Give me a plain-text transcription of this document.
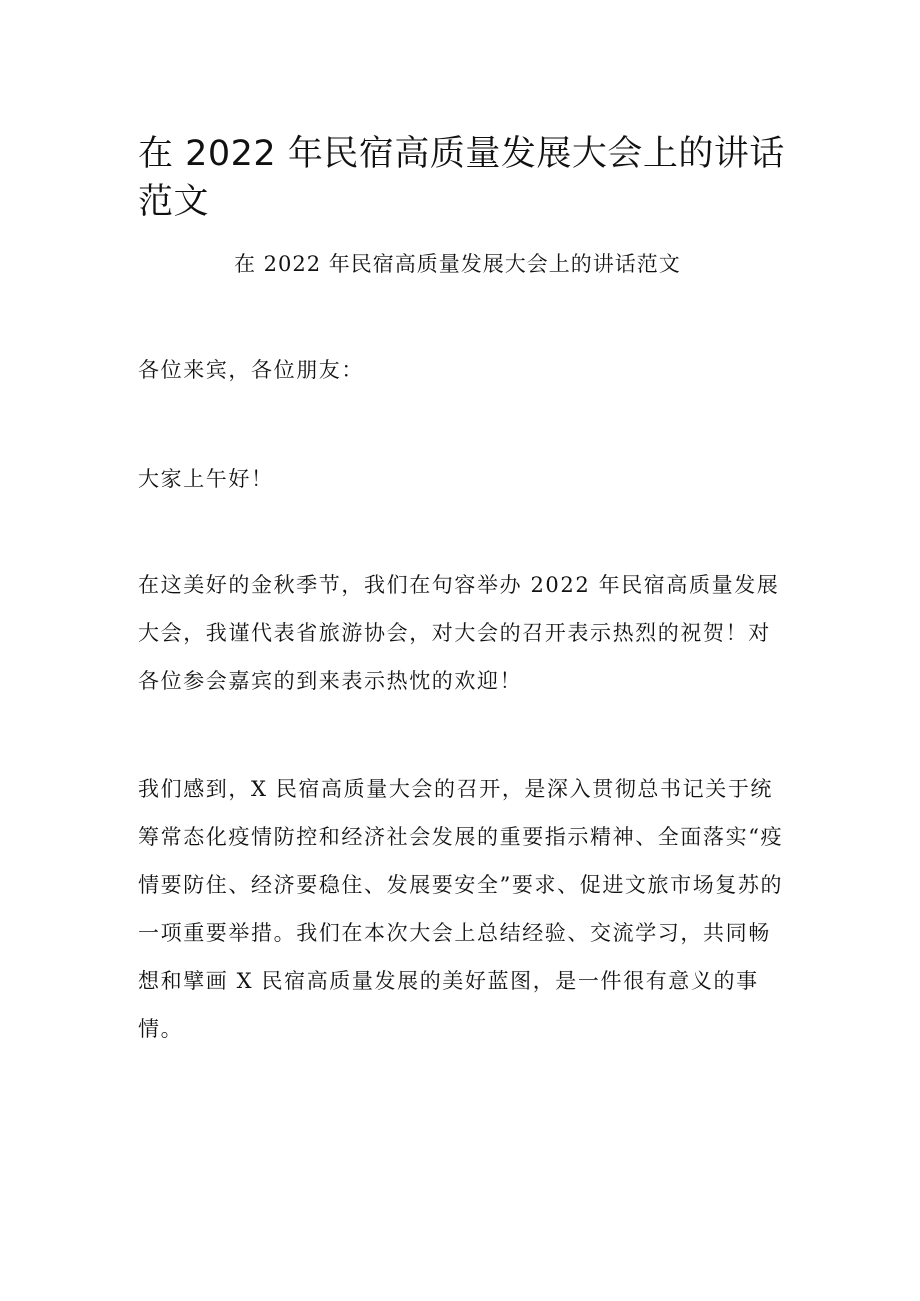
在 2022 年民宿高质量发展大会上的讲话范文

在 2022 年民宿高质量发展大会上的讲话范文

各位来宾，各位朋友：

大家上午好！

在这美好的金秋季节，我们在句容举办 2022 年民宿高质量发展大会，我谨代表省旅游协会，对大会的召开表示热烈的祝贺！对各位参会嘉宾的到来表示热忱的欢迎！

我们感到，X 民宿高质量大会的召开，是深入贯彻总书记关于统筹常态化疫情防控和经济社会发展的重要指示精神、全面落实“疫情要防住、经济要稳住、发展要安全”要求、促进文旅市场复苏的一项重要举措。我们在本次大会上总结经验、交流学习，共同畅想和擘画 X 民宿高质量发展的美好蓝图，是一件很有意义的事情。
